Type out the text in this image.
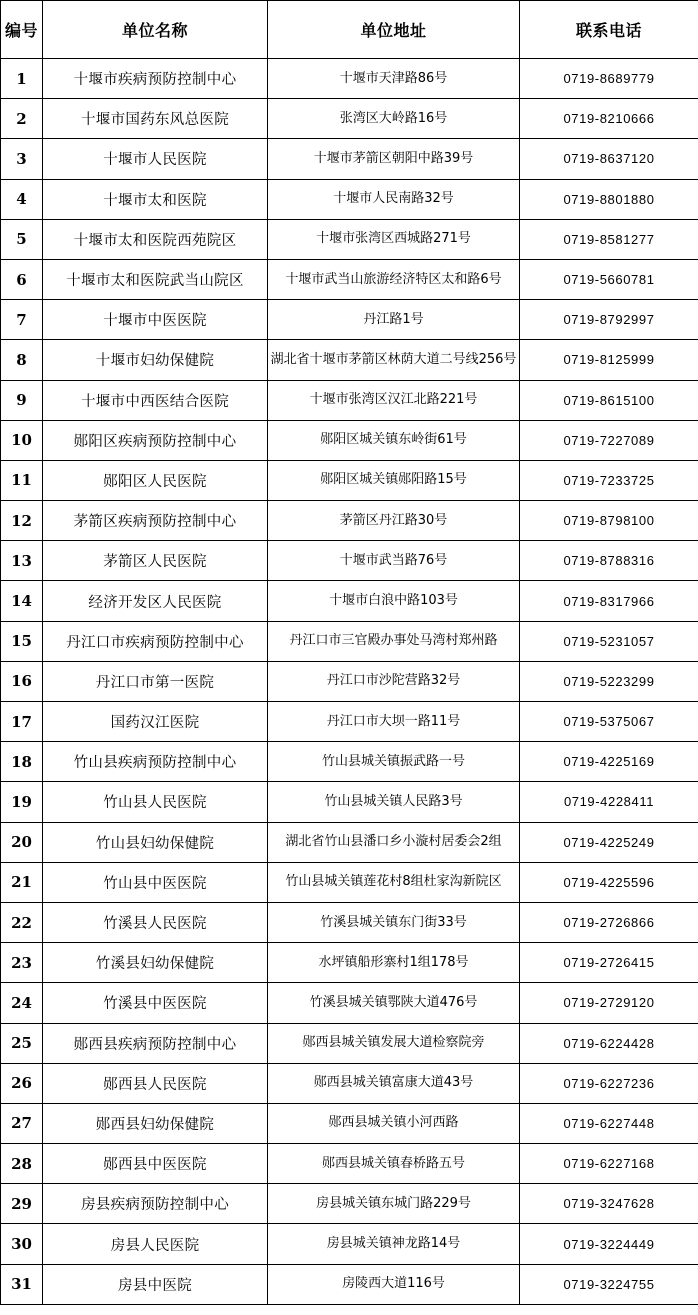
编号	单位名称	单位地址	联系电话
1	十堰市疾病预防控制中心	十堰市天津路86号	0719-8689779
2	十堰市国药东风总医院	张湾区大岭路16号	0719-8210666
3	十堰市人民医院	十堰市茅箭区朝阳中路39号	0719-8637120
4	十堰市太和医院	十堰市人民南路32号	0719-8801880
5	十堰市太和医院西苑院区	十堰市张湾区西城路271号	0719-8581277
6	十堰市太和医院武当山院区	十堰市武当山旅游经济特区太和路6号	0719-5660781
7	十堰市中医医院	丹江路1号	0719-8792997
8	十堰市妇幼保健院	湖北省十堰市茅箭区林荫大道二号线256号	0719-8125999
9	十堰市中西医结合医院	十堰市张湾区汉江北路221号	0719-8615100
10	郧阳区疾病预防控制中心	郧阳区城关镇东岭街61号	0719-7227089
11	郧阳区人民医院	郧阳区城关镇郧阳路15号	0719-7233725
12	茅箭区疾病预防控制中心	茅箭区丹江路30号	0719-8798100
13	茅箭区人民医院	十堰市武当路76号	0719-8788316
14	经济开发区人民医院	十堰市白浪中路103号	0719-8317966
15	丹江口市疾病预防控制中心	丹江口市三官殿办事处马湾村郑州路	0719-5231057
16	丹江口市第一医院	丹江口市沙陀营路32号	0719-5223299
17	国药汉江医院	丹江口市大坝一路11号	0719-5375067
18	竹山县疾病预防控制中心	竹山县城关镇振武路一号	0719-4225169
19	竹山县人民医院	竹山县城关镇人民路3号	0719-4228411
20	竹山县妇幼保健院	湖北省竹山县潘口乡小漩村居委会2组	0719-4225249
21	竹山县中医医院	竹山县城关镇莲花村8组杜家沟新院区	0719-4225596
22	竹溪县人民医院	竹溪县城关镇东门街33号	0719-2726866
23	竹溪县妇幼保健院	水坪镇船形寨村1组178号	0719-2726415
24	竹溪县中医医院	竹溪县城关镇鄂陕大道476号	0719-2729120
25	郧西县疾病预防控制中心	郧西县城关镇发展大道检察院旁	0719-6224428
26	郧西县人民医院	郧西县城关镇富康大道43号	0719-6227236
27	郧西县妇幼保健院	郧西县城关镇小河西路	0719-6227448
28	郧西县中医医院	郧西县城关镇春桥路五号	0719-6227168
29	房县疾病预防控制中心	房县城关镇东城门路229号	0719-3247628
30	房县人民医院	房县城关镇神龙路14号	0719-3224449
31	房县中医院	房陵西大道116号	0719-3224755
